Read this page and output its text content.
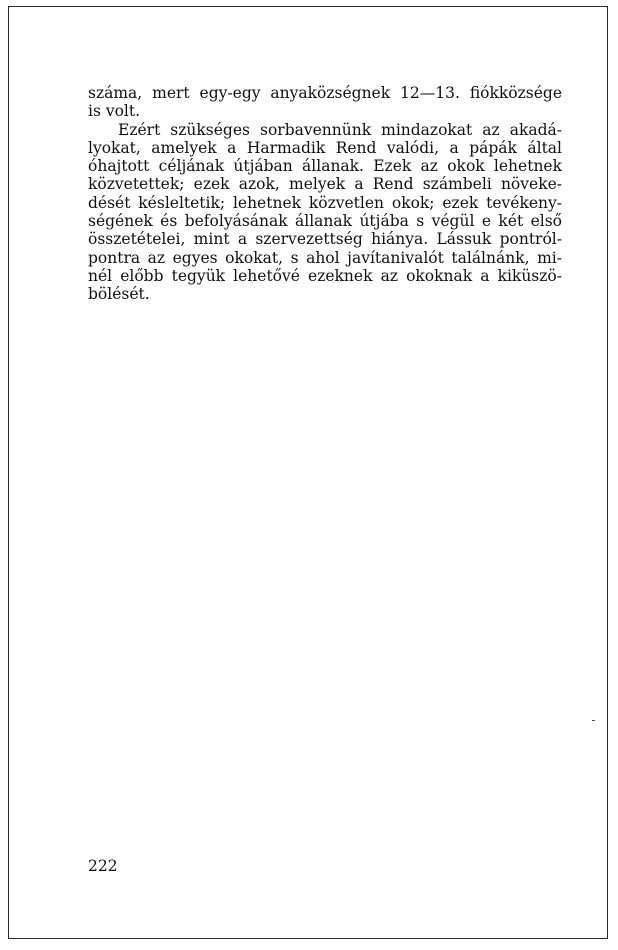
száma, mert egy-egy anyaközségnek 12—13. fiókközsége
is volt.
Ezért szükséges sorbavennünk mindazokat az akadá-
lyokat, amelyek a Harmadik Rend valódi, a pápák által
óhajtott céljának útjában állanak. Ezek az okok lehetnek
közvetettek; ezek azok, melyek a Rend számbeli növeke-
dését késleltetik; lehetnek közvetlen okok; ezek tevékeny-
ségének és befolyásának állanak útjába s végül e két első
összetételei, mint a szervezettség hiánya. Lássuk pontról-
pontra az egyes okokat, s ahol javítanivalót találnánk, mi-
nél előbb tegyük lehetővé ezeknek az okoknak a kiküszö-
bölését.
222
